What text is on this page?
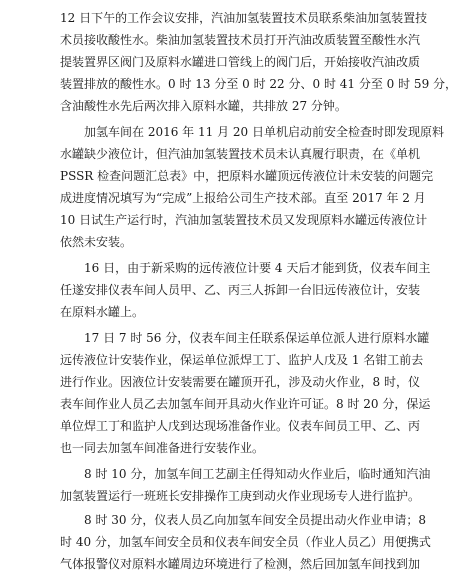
12 日下午的工作会议安排，汽油加氢装置技术员联系柴油加氢装置技
术员接收酸性水。柴油加氢装置技术员打开汽油改质装置至酸性水汽
提装置界区阀门及原料水罐进口管线上的阀门后，开始接收汽油改质
装置排放的酸性水。0 时 13 分至 0 时 22 分、0 时 41 分至 0 时 59 分，
含油酸性水先后两次排入原料水罐，共排放 27 分钟。
加氢车间在 2016 年 11 月 20 日单机启动前安全检查时即发现原料
水罐缺少液位计，但汽油加氢装置技术员未认真履行职责，在《单机
PSSR 检查问题汇总表》中，把原料水罐顶远传液位计未安装的问题完
成进度情况填写为“完成”上报给公司生产技术部。直至 2017 年 2 月
10 日试生产运行时，汽油加氢装置技术员又发现原料水罐远传液位计
依然未安装。
16 日，由于新采购的远传液位计要 4 天后才能到货，仪表车间主
任遂安排仪表车间人员甲、乙、丙三人拆卸一台旧远传液位计，安装
在原料水罐上。
17 日 7 时 56 分，仪表车间主任联系保运单位派人进行原料水罐
远传液位计安装作业，保运单位派焊工丁、监护人戊及 1 名钳工前去
进行作业。因液位计安装需要在罐顶开孔，涉及动火作业，8 时，仪
表车间作业人员乙去加氢车间开具动火作业许可证。8 时 20 分，保运
单位焊工丁和监护人戊到达现场准备作业。仪表车间员工甲、乙、丙
也一同去加氢车间准备进行安装作业。
8 时 10 分，加氢车间工艺副主任得知动火作业后，临时通知汽油
加氢装置运行一班班长安排操作工庚到动火作业现场专人进行监护。
8 时 30 分，仪表人员乙向加氢车间安全员提出动火作业申请；8
时 40 分，加氢车间安全员和仪表车间安全员（作业人员乙）用便携式
气体报警仪对原料水罐周边环境进行了检测，然后回加氢车间找到加
